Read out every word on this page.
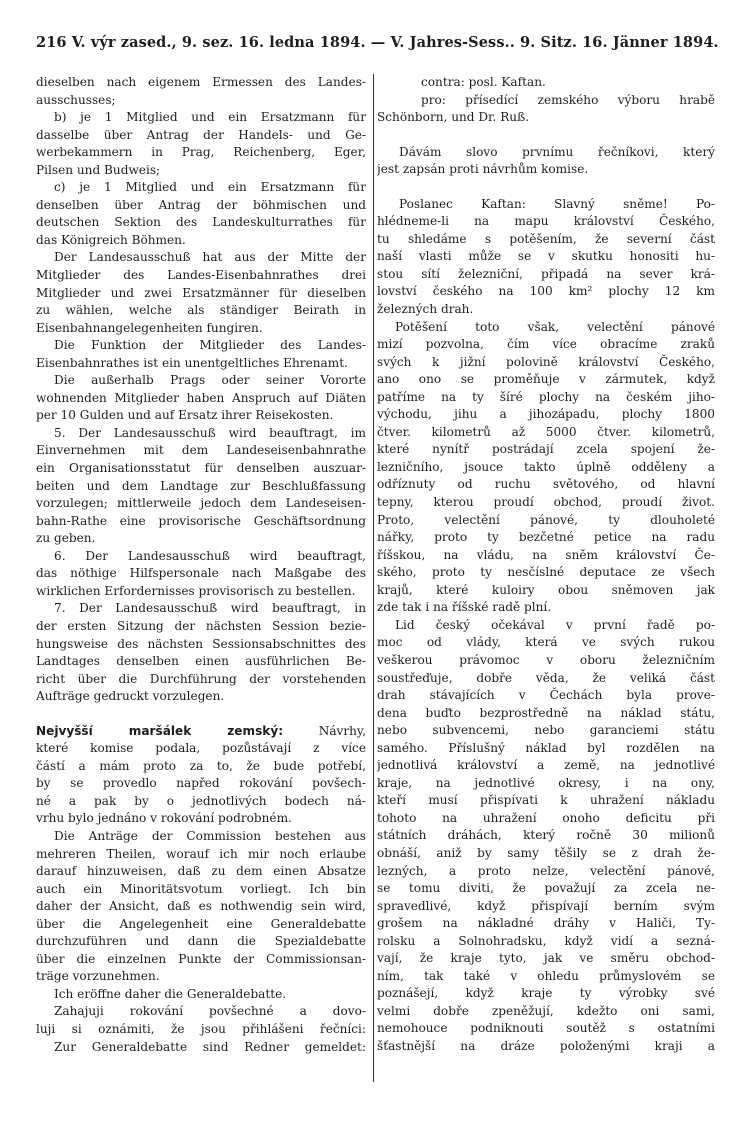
216 V. výr zased., 9. sez. 16. ledna 1894. — V. Jahres-Sess.. 9. Sitz. 16. Jänner 1894.
dieselben nach eigenem Ermessen des Landes-
ausschusses;
b) je 1 Mitglied und ein Ersatzmann für
dasselbe über Antrag der Handels- und Ge-
werbekammern in Prag, Reichenberg, Eger,
Pilsen und Budweis;
c) je 1 Mitglied und ein Ersatzmann für
denselben über Antrag der böhmischen und
deutschen Sektion des Landeskulturrathes für
das Königreich Böhmen.
Der Landesausschuß hat aus der Mitte der
Mitglieder des Landes-Eisenbahnrathes drei
Mitglieder und zwei Ersatzmänner für dieselben
zu wählen, welche als ständiger Beirath in
Eisenbahnangelegenheiten fungiren.
Die Funktion der Mitglieder des Landes-
Eisenbahnrathes ist ein unentgeltliches Ehrenamt.
Die außerhalb Prags oder seiner Vororte
wohnenden Mitglieder haben Anspruch auf Diäten
per 10 Gulden und auf Ersatz ihrer Reisekosten.
5. Der Landesausschuß wird beauftragt, im
Einvernehmen mit dem Landeseisenbahnrathe
ein Organisationsstatut für denselben auszuar-
beiten und dem Landtage zur Beschlußfassung
vorzulegen; mittlerweile jedoch dem Landeseisen-
bahn-Rathe eine provisorische Geschäftsordnung
zu geben.
6. Der Landesausschuß wird beauftragt,
das nöthige Hilfspersonale nach Maßgabe des
wirklichen Erfordernisses provisorisch zu bestellen.
7. Der Landesausschuß wird beauftragt, in
der ersten Sitzung der nächsten Session bezie-
hungsweise des nächsten Sessionsabschnittes des
Landtages denselben einen ausführlichen Be-
richt über die Durchführung der vorstehenden
Aufträge gedruckt vorzulegen.
Nejvyšší maršálek zemský:	Návrhy,
které komise podala, pozůstávají z více
částí a mám proto za to, že bude potřebí,
by se provedlo napřed rokování povšech-
né a pak by o jednotlivých bodech ná-
vrhu bylo jednáno v rokování podrobném.
Die Anträge der Commission bestehen aus
mehreren Theilen, worauf ich mir noch erlaube
darauf hinzuweisen, daß zu dem einen Absatze
auch ein Minoritätsvotum vorliegt. Ich bin
daher der Ansicht, daß es nothwendig sein wird,
über die Angelegenheit eine Generaldebatte
durchzuführen und dann die Spezialdebatte
über die einzelnen Punkte der Commissionsan-
träge vorzunehmen.
Ich eröffne daher die Generaldebatte.
Zahajuji rokování povšechné a dovo-
luji si oznámiti, že jsou přihlášeni řečníci:
Zur Generaldebatte sind Redner gemeldet:
contra: posl. Kaftan.
pro: přísedící zemského výboru hrabě
Schönborn, und Dr. Ruß.
Dávám slovo prvnímu řečníkovi, který
jest zapsán proti návrhům komise.
Poslanec Kaftan: Slavný sněme! Po-
hlédneme-li na mapu království Českého,
tu shledáme s potěšením, že severní část
naší vlasti může se v skutku honositi hu-
stou sítí železniční, připadá na sever krá-
lovství českého na 100 km² plochy 12 km
železných drah.
Potěšení toto však, velectění pánové
mizí pozvolna, čím více obracíme zraků
svých k jižní polovině království Českého,
ano ono se proměňuje v zármutek, když
patříme na ty šíré plochy na českém jiho-
východu, jihu a jihozápadu, plochy 1800
čtver. kilometrů až 5000 čtver. kilometrů,
které nynítř postrádají zcela spojení že-
lezničního, jsouce takto úplně odděleny a
odříznuty od ruchu světového, od hlavní
tepny, kterou proudí obchod, proudí život.
Proto, velectění pánové, ty dlouholeté
nářky, proto ty bezčetné petice na radu
říšskou, na vládu, na sněm království Če-
ského, proto ty nesčíslné deputace ze všech
krajů, které kuloiry obou sněmoven jak
zde tak i na říšské radě plní.
Lid český očekával v první řadě po-
moc od vlády, která ve svých rukou
veškerou právomoc v oboru železničním
soustřeďuje, dobře věda, že veliká část
drah stávajících v Čechách byla prove-
dena buďto bezprostředně na náklad státu,
nebo subvencemi, nebo garanciemi státu
samého. Příslušný náklad byl rozdělen na
jednotlivá království a země, na jednotlivé
kraje, na jednotlivé okresy, i na ony,
kteří musí přispívati k uhražení nákladu
tohoto na uhražení onoho deficitu při
státních dráhách, který ročně 30 milionů
obnáší, aniž by samy těšily se z drah že-
lezných, a proto nelze, velectění pánové,
se tomu diviti, že považují za zcela ne-
spravedlivé, když přispívají berním svým
grošem na nákladné dráhy v Haliči, Ty-
rolsku a Solnohradsku, když vidí a sezná-
vají, že kraje tyto, jak ve směru obchod-
ním, tak také v ohledu průmyslovém se
poznášejí, když kraje ty výrobky své
velmi dobře zpeněžují, kdežto oni sami,
nemohouce podniknouti soutěž s ostatními
šťastnější na dráze položenými kraji a
